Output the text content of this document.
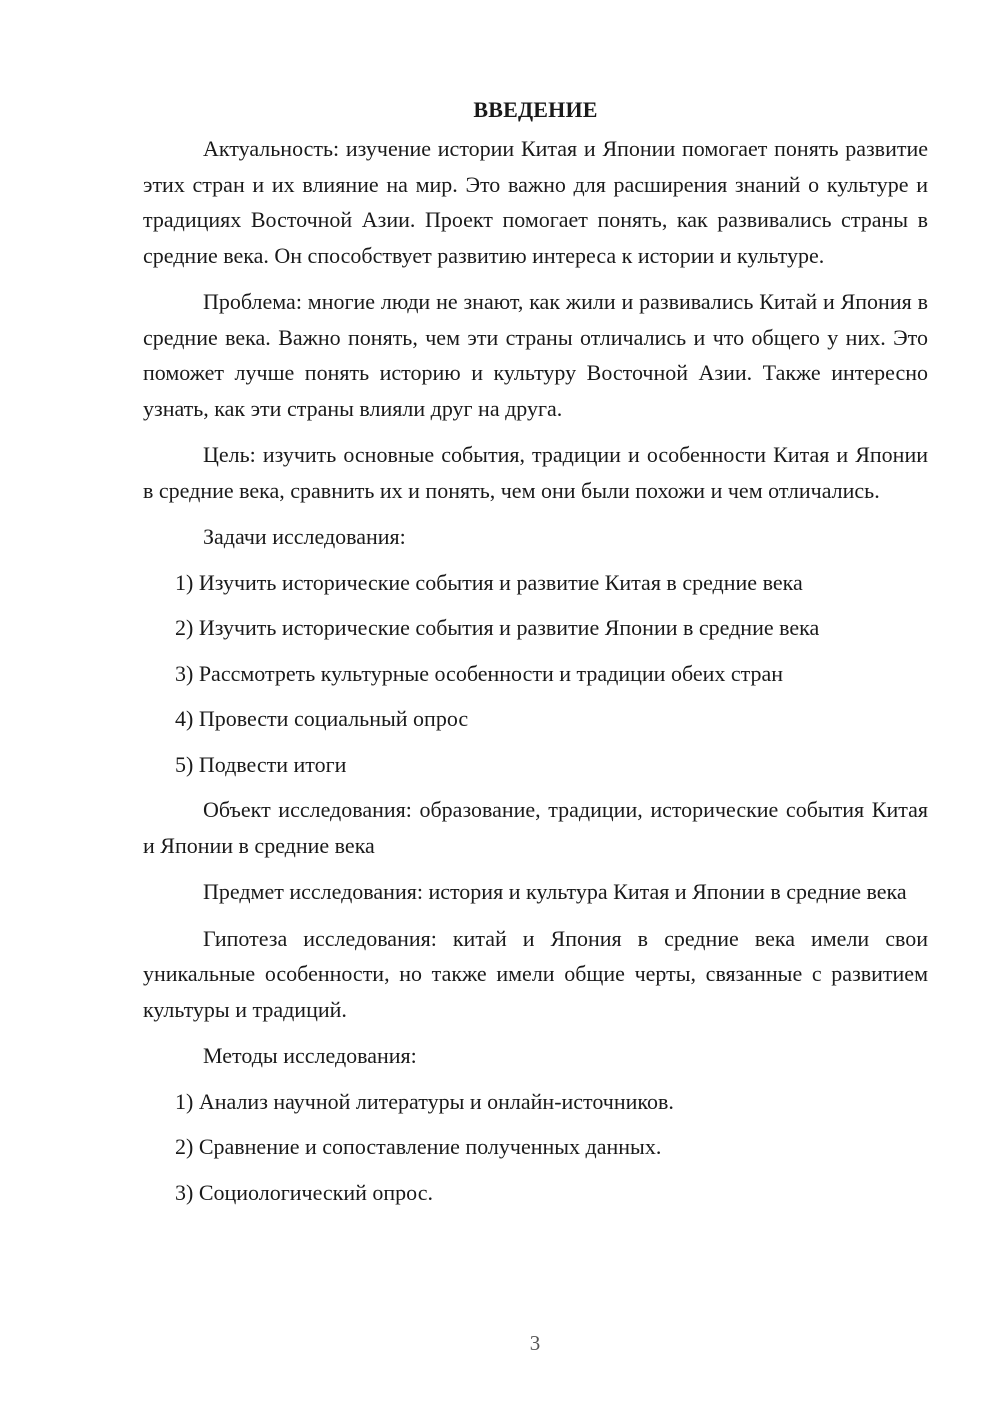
ВВЕДЕНИЕ

Актуальность: изучение истории Китая и Японии помогает понять развитие этих стран и их влияние на мир. Это важно для расширения знаний о культуре и традициях Восточной Азии. Проект помогает понять, как развивались страны в средние века. Он способствует развитию интереса к истории и культуре.

Проблема: многие люди не знают, как жили и развивались Китай и Япония в средние века. Важно понять, чем эти страны отличались и что общего у них. Это поможет лучше понять историю и культуру Восточной Азии. Также интересно узнать, как эти страны влияли друг на друга.

Цель: изучить основные события, традиции и особенности Китая и Японии в средние века, сравнить их и понять, чем они были похожи и чем отличались.

Задачи исследования:
1) Изучить исторические события и развитие Китая в средние века
2) Изучить исторические события и развитие Японии в средние века
3) Рассмотреть культурные особенности и традиции обеих стран
4) Провести социальный опрос
5) Подвести итоги

Объект исследования: образование, традиции, исторические события Китая и Японии в средние века

Предмет исследования: история и культура Китая и Японии в средние века

Гипотеза исследования: китай и Япония в средние века имели свои уникальные особенности, но также имели общие черты, связанные с развитием культуры и традиций.

Методы исследования:
1) Анализ научной литературы и онлайн-источников.
2) Сравнение и сопоставление полученных данных.
3) Социологический опрос.
3
